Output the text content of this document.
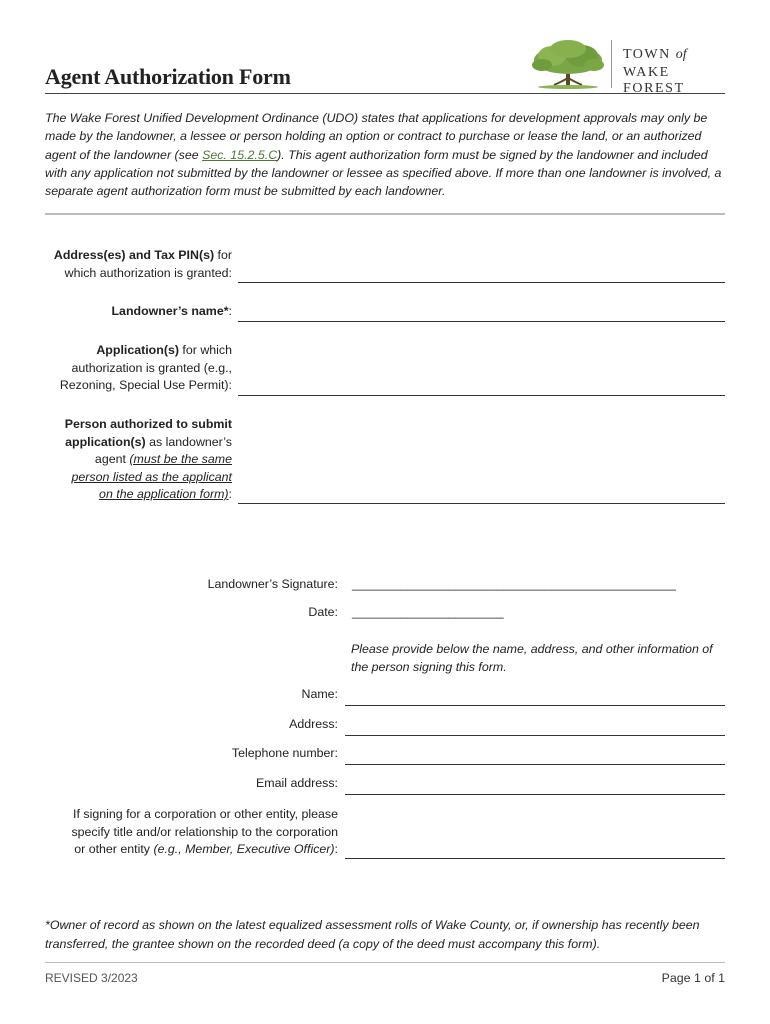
Agent Authorization Form
TOWN of
WAKE FOREST
The Wake Forest Unified Development Ordinance (UDO) states that applications for development approvals may only be made by the landowner, a lessee or person holding an option or contract to purchase or lease the land, or an authorized agent of the landowner (see Sec. 15.2.5.C). This agent authorization form must be signed by the landowner and included with any application not submitted by the landowner or lessee as specified above. If more than one landowner is involved, a separate agent authorization form must be submitted by each landowner.
Address(es) and Tax PIN(s) for
which authorization is granted:
Landowner’s name*:
Application(s) for which
authorization is granted (e.g.,
Rezoning, Special Use Permit):
Person authorized to submit
application(s) as landowner’s
agent (must be the same
person listed as the applicant
on the application form):
Landowner’s Signature: _______________________________________________
Date: ______________________
Please provide below the name, address, and other information of the person signing this form.
Name:
Address:
Telephone number:
Email address:
If signing for a corporation or other entity, please
specify title and/or relationship to the corporation
or other entity (e.g., Member, Executive Officer):
*Owner of record as shown on the latest equalized assessment rolls of Wake County, or, if ownership has recently been transferred, the grantee shown on the recorded deed (a copy of the deed must accompany this form).
REVISED 3/2023	Page 1 of 1
